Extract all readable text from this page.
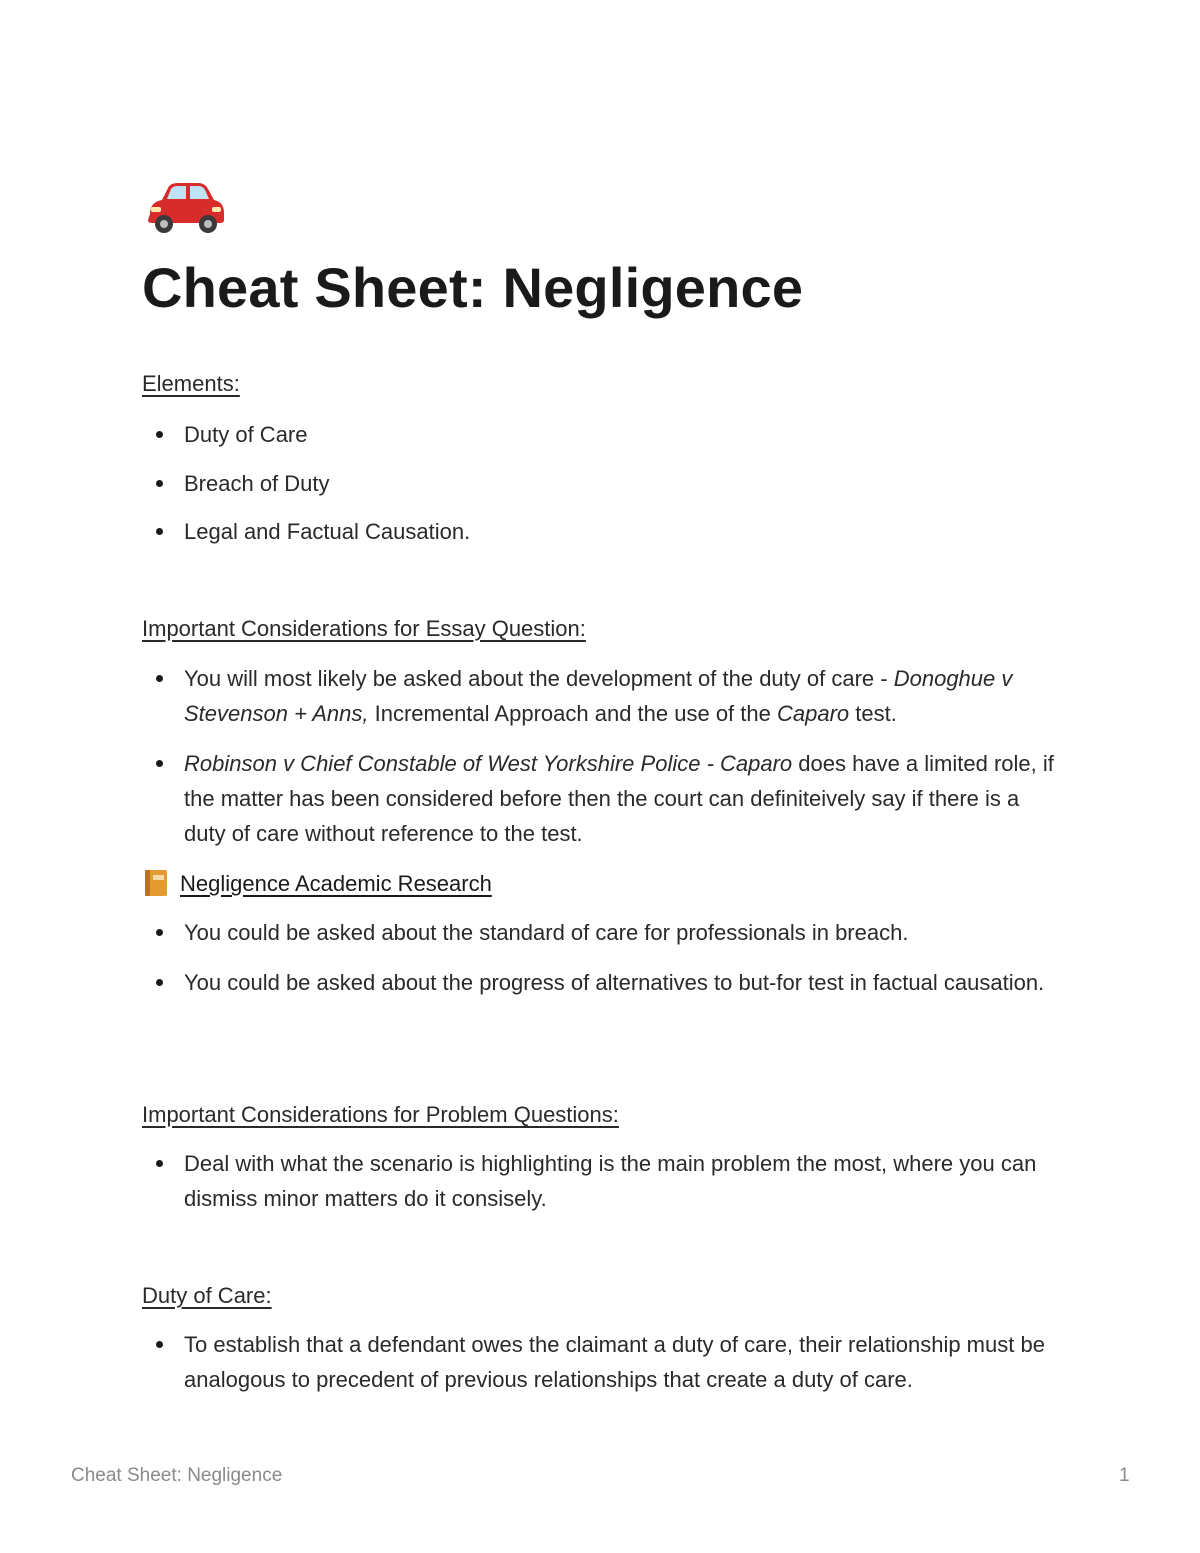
Cheat Sheet: Negligence
Elements:
Duty of Care
Breach of Duty
Legal and Factual Causation.
Important Considerations for Essay Question:
You will most likely be asked about the development of the duty of care - Donoghue v Stevenson + Anns, Incremental Approach and the use of the Caparo test.
Robinson v Chief Constable of West Yorkshire Police - Caparo does have a limited role, if the matter has been considered before then the court can definiteively say if there is a duty of care without reference to the test.
Negligence Academic Research
You could be asked about the standard of care for professionals in breach.
You could be asked about the progress of alternatives to but-for test in factual causation.
Important Considerations for Problem Questions:
Deal with what the scenario is highlighting is the main problem the most, where you can dismiss minor matters do it consisely.
Duty of Care:
To establish that a defendant owes the claimant a duty of care, their relationship must be analogous to precedent of previous relationships that create a duty of care.
Cheat Sheet: Negligence	1
